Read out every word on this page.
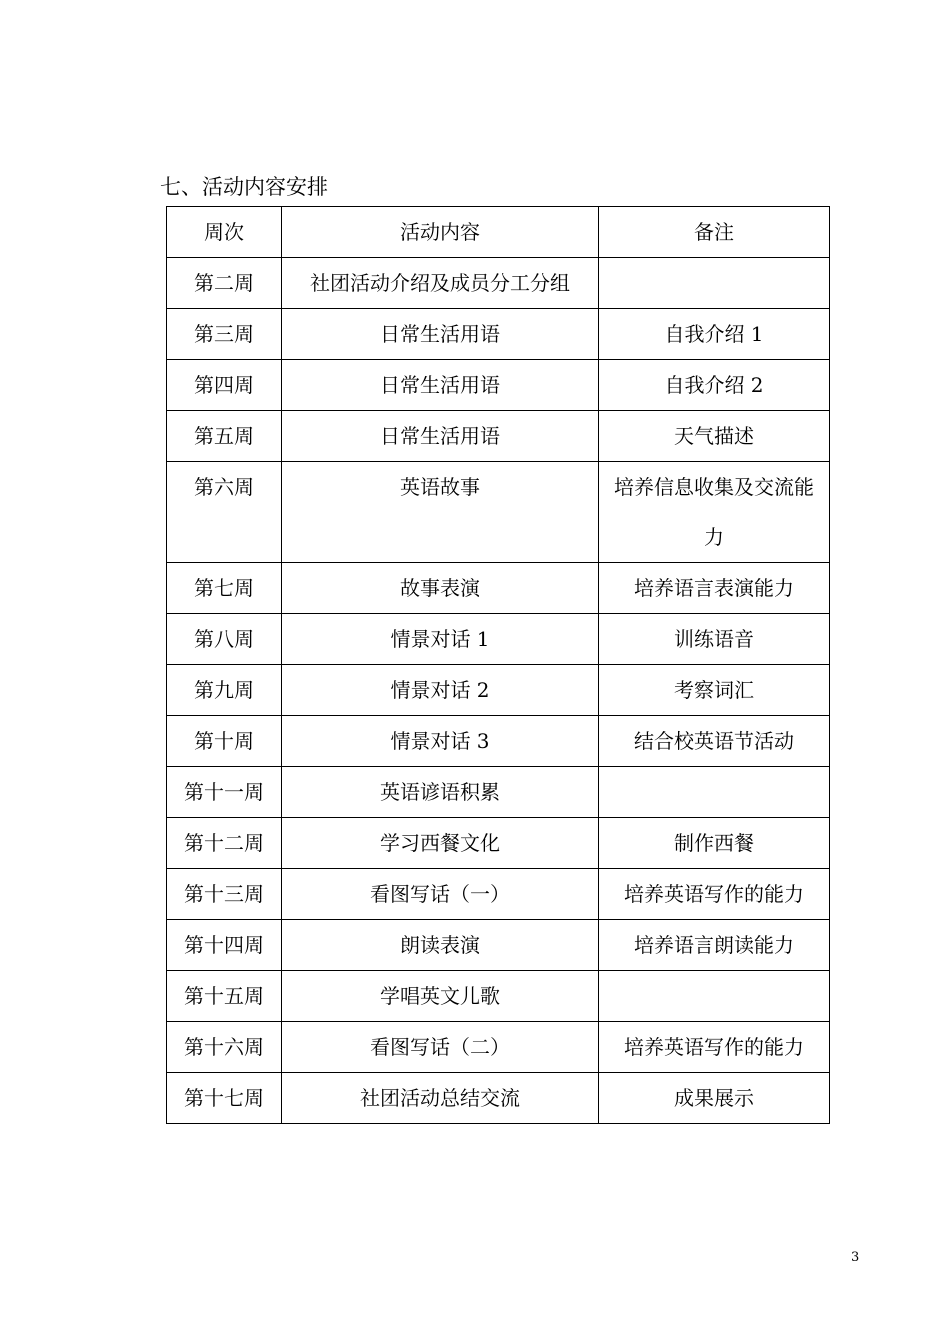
七、活动内容安排
周次	活动内容	备注
第二周	社团活动介绍及成员分工分组	
第三周	日常生活用语	自我介绍 1
第四周	日常生活用语	自我介绍 2
第五周	日常生活用语	天气描述
第六周	英语故事	培养信息收集及交流能力
第七周	故事表演	培养语言表演能力
第八周	情景对话 1	训练语音
第九周	情景对话 2	考察词汇
第十周	情景对话 3	结合校英语节活动
第十一周	英语谚语积累	
第十二周	学习西餐文化	制作西餐
第十三周	看图写话（一）	培养英语写作的能力
第十四周	朗读表演	培养语言朗读能力
第十五周	学唱英文儿歌	
第十六周	看图写话（二）	培养英语写作的能力
第十七周	社团活动总结交流	成果展示
3
